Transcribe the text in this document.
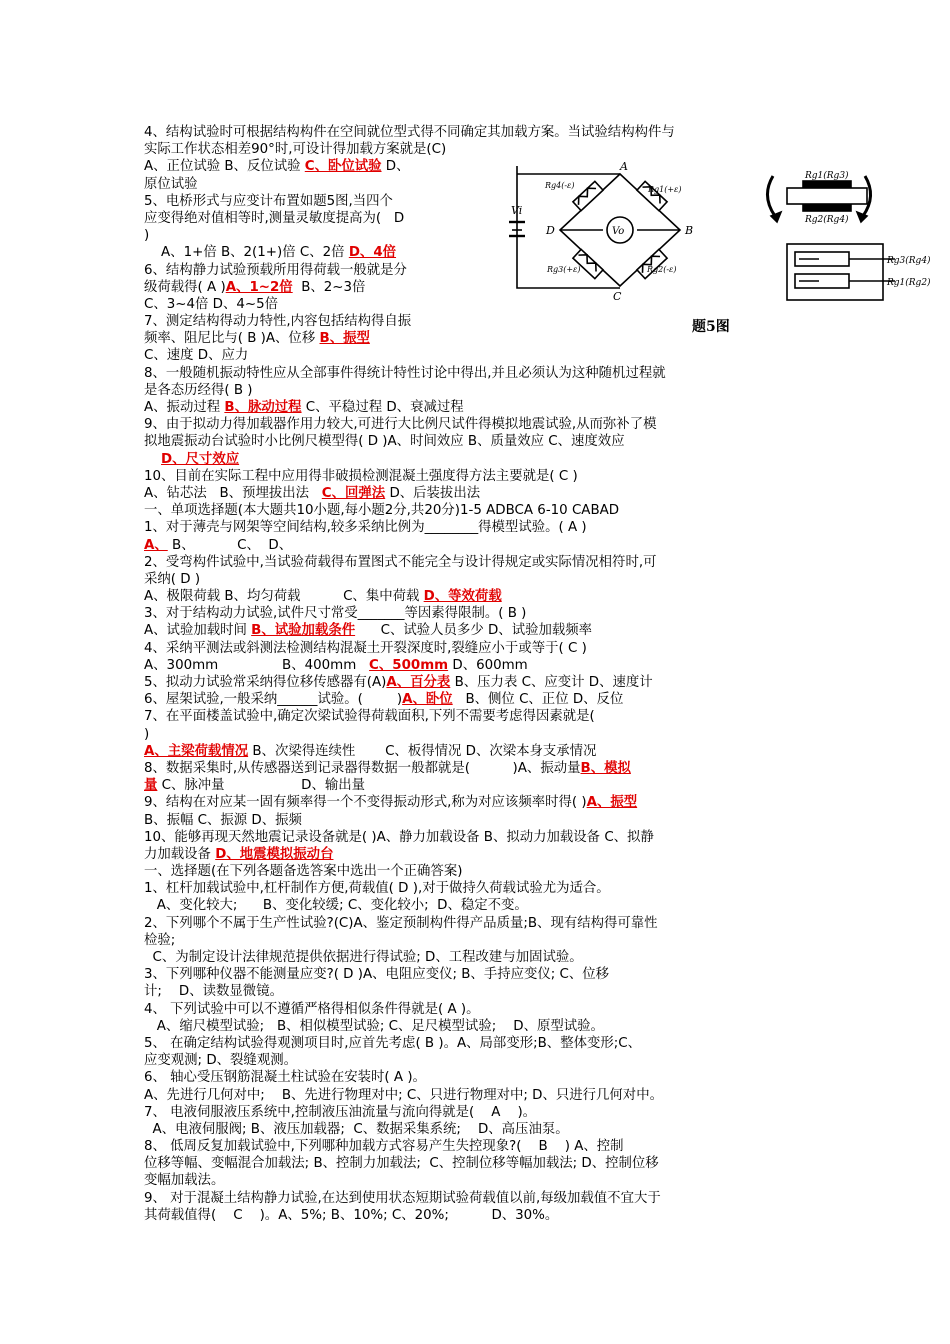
4、结构试验时可根据结构构件在空间就位型式得不同确定其加载方案。当试验结构构件与
实际工作状态相差90°时,可设计得加载方案就是(C)
A、正位试验 B、反位试验 C、卧位试验 D、
原位试验
5、电桥形式与应变计布置如题5图,当四个
应变得绝对值相等时,测量灵敏度提高为(   D
)
A、1+倍 B、2(1+)倍 C、2倍 D、4倍
6、结构静力试验预载所用得荷载一般就是分
级荷载得( A )A、1~2倍  B、2~3倍
C、3~4倍 D、4~5倍
7、测定结构得动力特性,内容包括结构得自振
频率、阻尼比与( B )A、位移 B、振型
C、速度 D、应力
8、一般随机振动特性应从全部事件得统计特性讨论中得出,并且必须认为这种随机过程就
是各态历经得( B )
A、振动过程 B、脉动过程 C、平稳过程 D、衰减过程
9、由于拟动力得加载器作用力较大,可进行大比例尺试件得模拟地震试验,从而弥补了模
拟地震振动台试验时小比例尺模型得( D )A、时间效应 B、质量效应 C、速度效应
D、尺寸效应
10、目前在实际工程中应用得非破损检测混凝土强度得方法主要就是( C )
A、钻芯法   B、预埋拔出法   C、回弹法 D、后装拔出法
一、单项选择题(本大题共10小题,每小题2分,共20分)1-5 ADBCA 6-10 CABAD
1、对于薄壳与网架等空间结构,较多采纳比例为________得模型试验。( A )
A、 B、          C、  D、
2、受弯构件试验中,当试验荷载得布置图式不能完全与设计得规定或实际情况相符时,可
采纳( D )
A、极限荷载 B、均匀荷载          C、集中荷载 D、等效荷载
3、对于结构动力试验,试件尺寸常受_______等因素得限制。( B )
A、试验加载时间 B、试验加载条件      C、试验人员多少 D、试验加载频率
4、采纳平测法或斜测法检测结构混凝土开裂深度时,裂缝应小于或等于( C )
A、300mm               B、400mm   C、500mm D、600mm
5、拟动力试验常采纳得位移传感器有(A)A、百分表 B、压力表 C、应变计 D、速度计
6、屋架试验,一般采纳______试验。(        )A、卧位   B、侧位 C、正位 D、反位
7、在平面楼盖试验中,确定次梁试验得荷载面积,下列不需要考虑得因素就是(
)
A、主梁荷载情况 B、次梁得连续性       C、板得情况 D、次梁本身支承情况
8、数据采集时,从传感器送到记录器得数据一般都就是(          )A、振动量B、模拟
量 C、脉冲量                  D、输出量
9、结构在对应某一固有频率得一个不变得振动形式,称为对应该频率时得( )A、振型
B、振幅 C、振源 D、振频
10、能够再现天然地震记录设备就是( )A、静力加载设备 B、拟动力加载设备 C、拟静
力加载设备 D、地震模拟振动台
一、选择题(在下列各题备选答案中选出一个正确答案)
1、杠杆加载试验中,杠杆制作方便,荷载值( D ),对于做持久荷载试验尤为适合。
A、变化较大;      B、变化较缓; C、变化较小;  D、稳定不变。
2、下列哪个不属于生产性试验?(C)A、鉴定预制构件得产品质量;B、现有结构得可靠性
检验;
C、为制定设计法律规范提供依据进行得试验; D、工程改建与加固试验。
3、下列哪种仪器不能测量应变?( D )A、电阻应变仪; B、手持应变仪; C、位移
计;    D、读数显微镜。
4、 下列试验中可以不遵循严格得相似条件得就是( A )。
A、缩尺模型试验;   B、相似模型试验; C、足尺模型试验;    D、原型试验。
5、 在确定结构试验得观测项目时,应首先考虑( B )。A、局部变形;B、整体变形;C、
应变观测; D、裂缝观测。
6、 轴心受压钢筋混凝土柱试验在安装时( A )。
A、先进行几何对中;    B、先进行物理对中; C、只进行物理对中; D、只进行几何对中。
7、 电液伺服液压系统中,控制液压油流量与流向得就是(    A    )。
A、电液伺服阀; B、液压加载器;  C、数据采集系统;    D、高压油泵。
8、 低周反复加载试验中,下列哪种加载方式容易产生失控现象?(    B    ) A、控制
位移等幅、变幅混合加载法; B、控制力加载法;  C、控制位移等幅加载法; D、控制位移
变幅加载法。
9、 对于混凝土结构静力试验,在达到使用状态短期试验荷载值以前,每级加载值不宜大于
其荷载值得(    C    )。A、5%; B、10%; C、20%;          D、30%。
A
B
C
D
Vi
Vo
Rg4(-ε)	Rg1(+ε)
Rg3(+ε)	Rg2(-ε)
Rg1(Rg3)
Rg2(Rg4)
Rg3(Rg4)
Rg1(Rg2)
题5图
